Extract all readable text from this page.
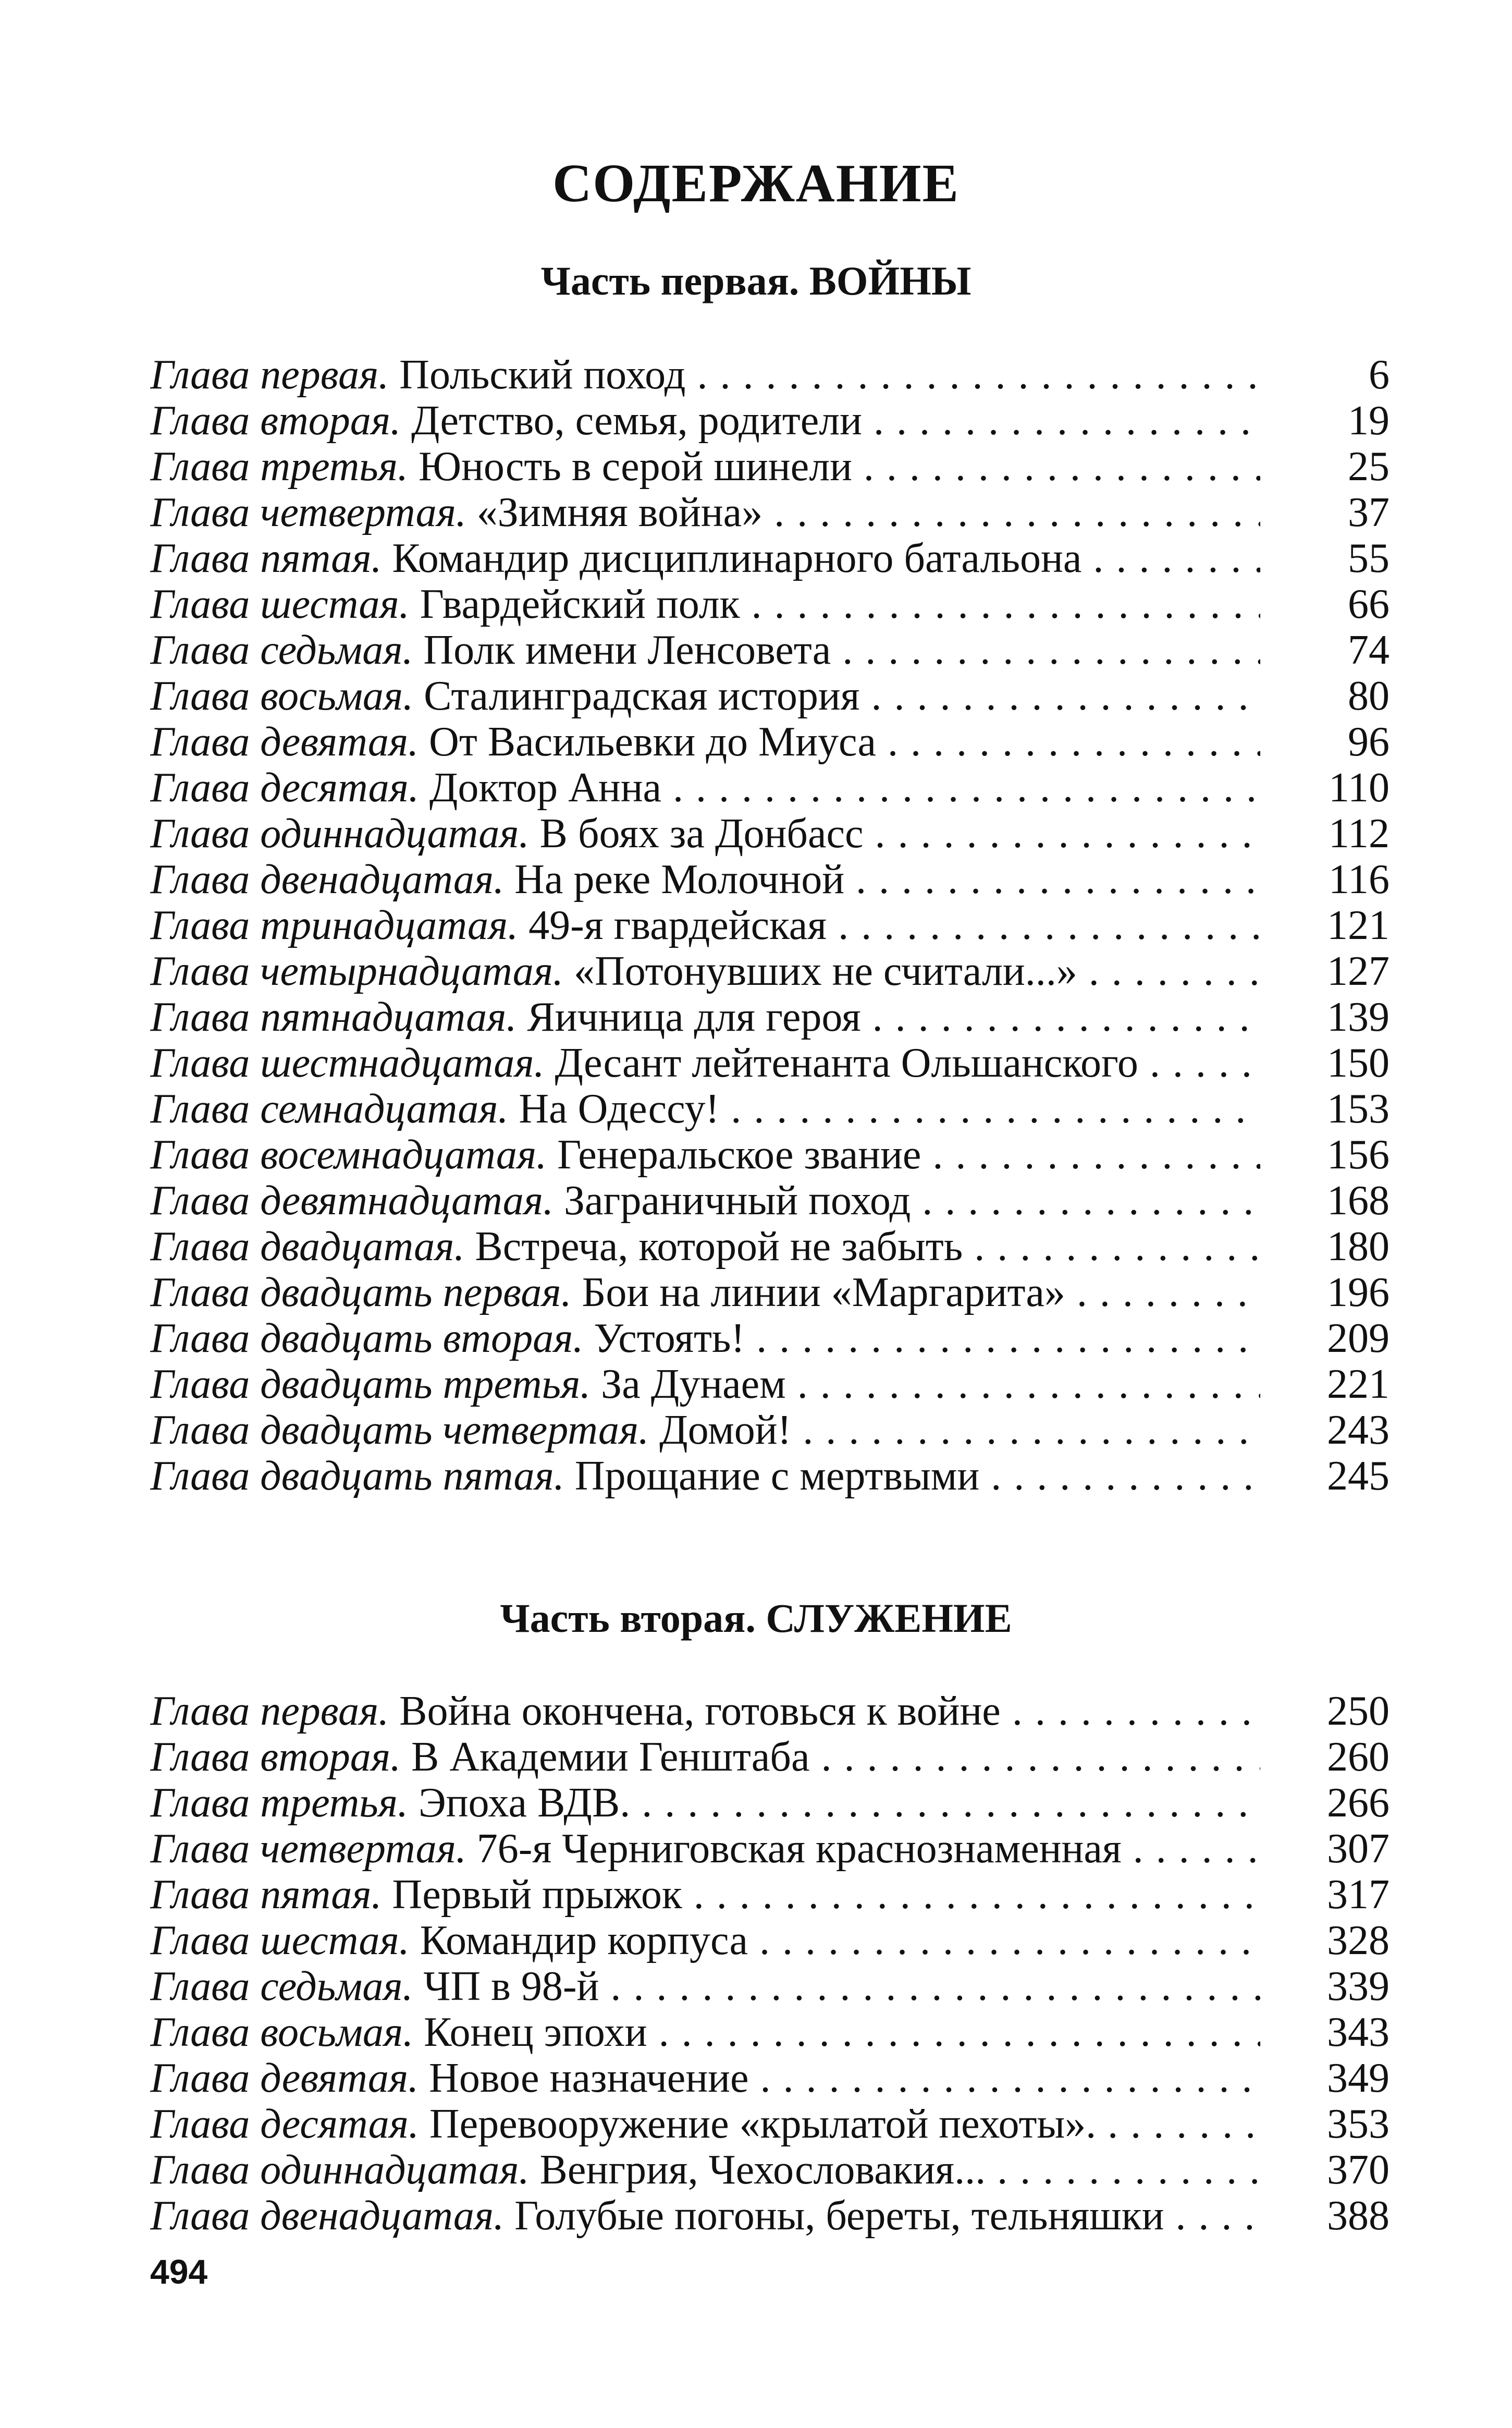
СОДЕРЖАНИЕ
Часть первая. ВОЙНЫ
Глава первая. Польский поход . . .	6
Глава вторая. Детство, семья, родители . . .	19
Глава третья. Юность в серой шинели . . .	25
Глава четвертая. «Зимняя война» . . .	37
Глава пятая. Командир дисциплинарного батальона . . .	55
Глава шестая. Гвардейский полк . . .	66
Глава седьмая. Полк имени Ленсовета . . .	74
Глава восьмая. Сталинградская история . . .	80
Глава девятая. От Васильевки до Миуса . . .	96
Глава десятая. Доктор Анна . . .	110
Глава одиннадцатая. В боях за Донбасс . . .	112
Глава двенадцатая. На реке Молочной . . .	116
Глава тринадцатая. 49-я гвардейская . . .	121
Глава четырнадцатая. «Потонувших не считали...» . . .	127
Глава пятнадцатая. Яичница для героя . . .	139
Глава шестнадцатая. Десант лейтенанта Ольшанского . . .	150
Глава семнадцатая. На Одессу! . . .	153
Глава восемнадцатая. Генеральское звание . . .	156
Глава девятнадцатая. Заграничный поход . . .	168
Глава двадцатая. Встреча, которой не забыть . . .	180
Глава двадцать первая. Бои на линии «Маргарита» . . .	196
Глава двадцать вторая. Устоять! . . .	209
Глава двадцать третья. За Дунаем . . .	221
Глава двадцать четвертая. Домой! . . .	243
Глава двадцать пятая. Прощание с мертвыми . . .	245
Часть вторая. СЛУЖЕНИЕ
Глава первая. Война окончена, готовься к войне . . .	250
Глава вторая. В Академии Генштаба . . .	260
Глава третья. Эпоха ВДВ. . . .	266
Глава четвертая. 76-я Черниговская краснознаменная . . .	307
Глава пятая. Первый прыжок . . .	317
Глава шестая. Командир корпуса . . .	328
Глава седьмая. ЧП в 98-й . . .	339
Глава восьмая. Конец эпохи . . .	343
Глава девятая. Новое назначение . . .	349
Глава десятая. Перевооружение «крылатой пехоты». . . .	353
Глава одиннадцатая. Венгрия, Чехословакия... . . .	370
Глава двенадцатая. Голубые погоны, береты, тельняшки . . .	388
494
